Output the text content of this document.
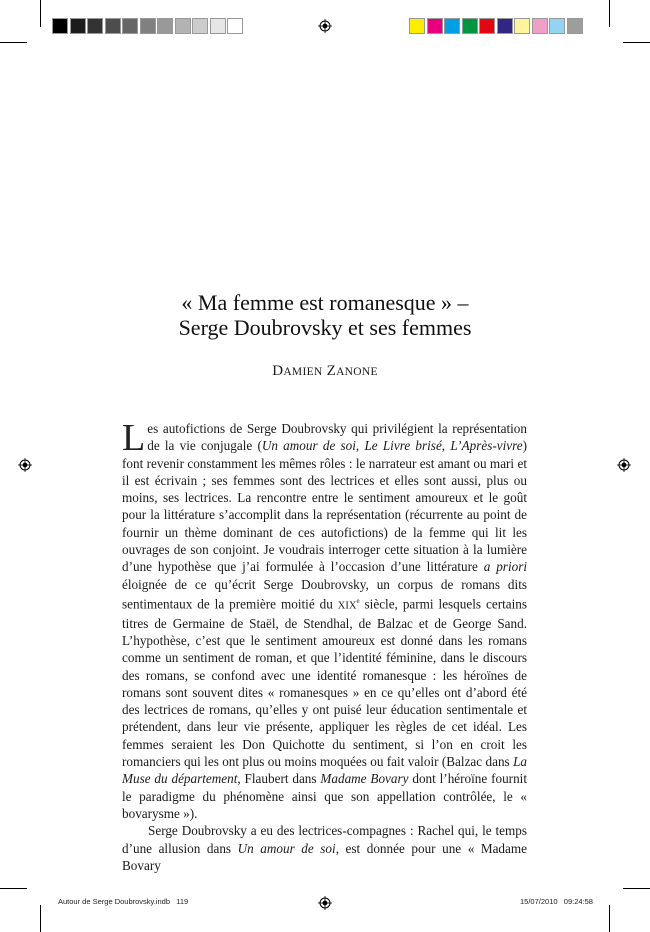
« Ma femme est romanesque » –
Serge Doubrovsky et ses femmes
DAMIEN ZANONE

Les autofictions de Serge Doubrovsky qui privilégient la représentation de la vie conjugale (Un amour de soi, Le Livre brisé, L’Après-vivre) font revenir constamment les mêmes rôles : le narrateur est amant ou mari et il est écrivain ; ses femmes sont des lectrices et elles sont aussi, plus ou moins, ses lectrices. La rencontre entre le sentiment amoureux et le goût pour la littérature s’accomplit dans la représentation (récurrente au point de fournir un thème dominant de ces autofictions) de la femme qui lit les ouvrages de son conjoint. Je voudrais interroger cette situation à la lumière d’une hypothèse que j’ai formulée à l’occasion d’une littérature a priori éloignée de ce qu’écrit Serge Doubrovsky, un corpus de romans dits sentimentaux de la première moitié du XIXe siècle, parmi lesquels certains titres de Germaine de Staël, de Stendhal, de Balzac et de George Sand. L’hypothèse, c’est que le sentiment amoureux est donné dans les romans comme un sentiment de roman, et que l’identité féminine, dans le discours des romans, se confond avec une identité romanesque : les héroïnes de romans sont souvent dites « romanesques » en ce qu’elles ont d’abord été des lectrices de romans, qu’elles y ont puisé leur éducation sentimentale et prétendent, dans leur vie présente, appliquer les règles de cet idéal. Les femmes seraient les Don Quichotte du sentiment, si l’on en croit les romanciers qui les ont plus ou moins moquées ou fait valoir (Balzac dans La Muse du département, Flaubert dans Madame Bovary dont l’héroïne fournit le paradigme du phénomène ainsi que son appellation contrôlée, le « bovarysme »).

Serge Doubrovsky a eu des lectrices-compagnes : Rachel qui, le temps d’une allusion dans Un amour de soi, est donnée pour une « Madame Bovary

Autour de Serge Doubrovsky.indb   119	15/07/2010   09:24:58
